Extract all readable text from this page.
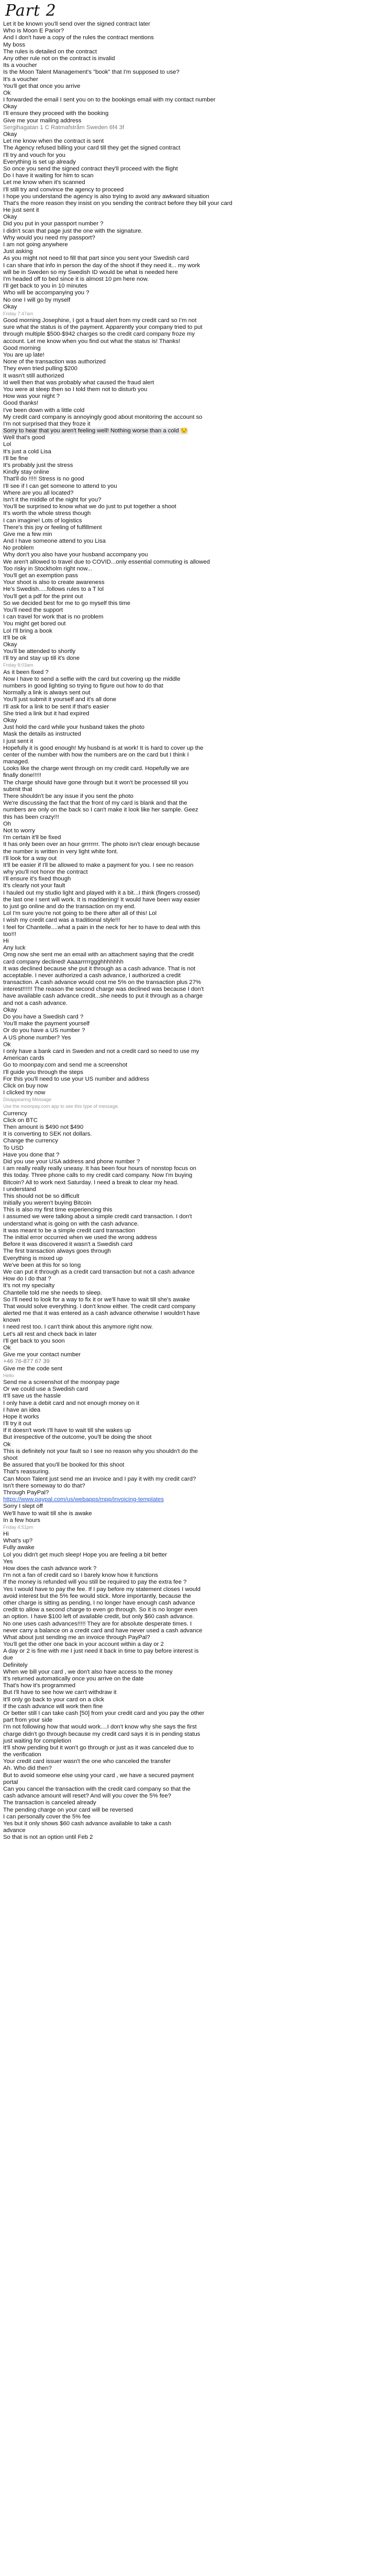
Part 2
Let it be known you'll send over the signed contract later
Who is Moon E Parior?
And I don't have a copy of the rules the contract mentions
My boss
The rules is detailed on the contract
Any other rule not on the contract is invalid
Its a voucher
Is the Moon Talent Management's "book" that I'm supposed to use?
It's a voucher
You'll get that once you arrive
Ok
I forwarded the email I sent you on to the bookings email with my contact number
Okay
I'll ensure they proceed with the booking
Give me your mailing address
Sergihagatan 1 C Ratmafstråm Sweden 6f4 3f
Okay
Let me know when the contract is sent
The Agency refused billing your card till they get the signed contract
I'll try and vouch for you
Everything is set up already
So once you send the signed contract they'll proceed with the flight
Do I have it waiting for him to scan
Let me know when it's scanned
I'll still try and convince the agency to proceed
I hope you understand the agency is also trying to avoid any awkward situation
That's the more reason they insist on you sending the contract before they bill your card
He just sent it
Okay
Did you put in your passport number ?
I didn't scan that page just the one with the signature.
Why would you need my passport?
I am not going anywhere
Just asking
As you might not need to fill that part since you sent your Swedish card
I can share that info in person the day of the shoot if they need it... my work
will be in Sweden so my Swedish ID would be what is needed here
I'm headed off to bed since it is almost 10 pm here now.
I'll get back to you in 10 minutes
Who will be accompanying you ?
No one I will go by myself
Okay
Friday 7:47am
Good morning Josephine, I got a fraud alert from my credit card so I'm not
sure what the status is of the payment. Apparently your company tried to put
through multiple $500-$942 charges so the credit card company froze my
account. Let me know when you find out what the status is! Thanks!
Good morning
You are up late!
None of the transaction was authorized
They even tried pulling $200
It wasn't still authorized
Id well then that was probably what caused the fraud alert
You were at sleep then so I told them not to disturb you
How was your night ?
Good thanks!
I've been down with a little cold
My credit card company is annoyingly good about monitoring the account so
I'm not surprised that they froze it
Sorry to hear that you aren't feeling well! Nothing worse than a cold 😒
Well that's good
Lol
It's just a cold Lisa
I'll be fine
It's probably just the stress
Kindly stay online
That'll do !!!!! Stress is no good
I'll see if I can get someone to attend to you
Where are you all located?
Isn't it the middle of the night for you?
You'll be surprised to know what we do just to put together a shoot
It's worth the whole stress though
I can imagine! Lots of logistics
There's this joy or feeling of fulfillment
Give me a few min
And I have someone attend to you Lisa
No problem
Why don't you also have your husband accompany you
We aren't allowed to travel due to COVID...only essential commuting is allowed
Too risky in Stockholm right now...
You'll get an exemption pass
Your shoot is also to create awareness
He's Swedish.....follows rules to a T lol
You'll get a pdf for the print out
So we decided best for me to go myself this time
You'll need the support
I can travel for work that is no problem
You might get bored out
Lol I'll bring a book
It'll be ok
Okay
You'll be attended to shortly
I'll try and stay up till it's done
Friday 8:03am
As it been fixed ?
Now I have to send a selfie with the card but covering up the middle
numbers in good lighting so trying to figure out how to do that
Normally a link is always sent out
You'll just submit it yourself and it's all done
I'll ask for a link to be sent if that's easier
She tried a link but it had expired
Okay
Just hold the card while your husband takes the photo
Mask the details as instructed
I just sent it
Hopefully it is good enough! My husband is at work! It is hard to cover up the
center of the number with how the numbers are on the card but I think I
managed.
Looks like the charge went through on my credit card. Hopefully we are
finally done!!!!!
The charge should have gone through but it won't be processed till you
submit that
There shouldn't be any issue if you sent the photo
We're discussing the fact that the front of my card is blank and that the
numbers are only on the back so I can't make it look like her sample. Geez
this has been crazy!!!
Oh
Not to worry
I'm certain it'll be fixed
It has only been over an hour grrrrrrr. The photo isn't clear enough because
the number is written in very light white font.
I'll look for a way out
It'll be easier if I'll be allowed to make a payment for you. I see no reason
why you'll not honor the contract
I'll ensure it's fixed though
It's clearly not your fault
I hauled out my studio light and played with it a bit...I think (fingers crossed)
the last one I sent will work. It is maddening! It would have been way easier
to just go online and do the transaction on my end.
Lol I'm sure you're not going to be there after all of this! Lol
I wish my credit card was a traditional style!!!
I feel for Chantelle....what a pain in the neck for her to have to deal with this
too!!!
Hi
Any luck
Omg now she sent me an email with an attachment saying that the credit
card company declined! Aaaarrrrrggghhhhhhh
It was declined because she put it through as a cash advance. That is not
acceptable. I never authorized a cash advance, I authorized a credit
transaction. A cash advance would cost me 5% on the transaction plus 27%
interest!!!!!! The reason the second charge was declined was because I don't
have available cash advance credit...she needs to put it through as a charge
and not a cash advance.
Okay
Do you have a Swedish card ?
You'll make the payment yourself
Or do you have a US number ?
A US phone number? Yes
Ok
I only have a bank card in Sweden and not a credit card so need to use my
American cards
Go to moonpay.com and send me a screenshot
I'll guide you through the steps
For this you'll need to use your US number and address
Click on buy now
I clicked try now
Disappearing Message
Use the moonpay.com app to see this type of message.
Currency
Click on BTC
Then amount is $490 not $490
It is converting to SEK not dollars.
Change the currency
To USD
Have you done that ?
Did you use your USA address and phone number ?
I am really really really uneasy. It has been four hours of nonstop focus on
this today. Three phone calls to my credit card company. Now I'm buying
Bitcoin? All to work next Saturday. I need a break to clear my head.
I understand
This should not be so difficult
Initially you weren't buying Bitcoin
This is also my first time experiencing this
I assumed we were talking about a simple credit card transaction. I don't
understand what is going on with the cash advance.
It was meant to be a simple credit card transaction
The initial error occurred when we used the wrong address
Before it was discovered it wasn't a Swedish card
The first transaction always goes through
Everything is mixed up
We've been at this for so long
We can put it through as a credit card transaction but not a cash advance
How do I do that ?
It's not my specialty
Chantelle told me she needs to sleep.
So I'll need to look for a way to fix it or we'll have to wait till she's awake
That would solve everything. I don't know either. The credit card company
alerted me that it was entered as a cash advance otherwise I wouldn't have
known
I need rest too. I can't think about this anymore right now.
Let's all rest and check back in later
I'll get back to you soon
Ok
Give me your contact number
+46 76-877 67 39
Give me the code sent
Hello
Send me a screenshot of the moonpay page
Or we could use a Swedish card
It'll save us the hassle
I only have a debit card and not enough money on it
I have an idea
Hope it works
I'll try it out
If it doesn't work I'll have to wait till she wakes up
But irrespective of the outcome, you'll be doing the shoot
Ok
This is definitely not your fault so I see no reason why you shouldn't do the
shoot
Be assured that you'll be booked for this shoot
That's reassuring.
Can Moon Talent just send me an invoice and I pay it with my credit card?
Isn't there someway to do that?
Through PayPal?
https://www.paypal.com/us/webapps/mpp/invoicing-templates
Sorry I slept off
We'll have to wait till she is awake
In a few hours
Friday 4:51pm
Hi
What's up?
Fully awake
Lol you didn't get much sleep! Hope you are feeling a bit better
Yes
How does the cash advance work ?
I'm not a fan of credit card so I barely know how it functions
If the money is refunded will you still be required to pay the extra fee ?
Yes I would have to pay the fee. If I pay before my statement closes I would
avoid interest but the 5% fee would stick. More importantly, because the
other charge is sitting as pending, I no longer have enough cash advance
credit to allow a second charge to even go through. So it is no longer even
an option. I have $100 left of available credit, but only $60 cash advance.
No one uses cash advances!!!!! They are for absolute desperate times. I
never carry a balance on a credit card and have never used a cash advance
What about just sending me an invoice through PayPal?
You'll get the other one back in your account within a day or 2
A day or 2 is fine with me I just need it back in time to pay before interest is
due
Definitely
When we bill your card , we don't also have access to the money
It's returned automatically once you arrive on the date
That's how it's programmed
But I'll have to see how we can't withdraw it
It'll only go back to your card on a click
If the cash advance will work then fine
Or better still I can take cash [50] from your credit card and you pay the other
part from your side
I'm not following how that would work....I don't know why she says the first
charge didn't go through because my credit card says it is in pending status
just waiting for completion
It'll show pending but it won't go through or just as it was canceled due to
the verification
Your credit card issuer wasn't the one who canceled the transfer
Ah. Who did then?
But to avoid someone else using your card , we have a secured payment
portal
Can you cancel the transaction with the credit card company so that the
cash advance amount will reset? And will you cover the 5% fee?
The transaction is canceled already
The pending charge on your card will be reversed
I can personally cover the 5% fee
Yes but it only shows $60 cash advance available to take a cash
advance
So that is not an option until Feb 2
